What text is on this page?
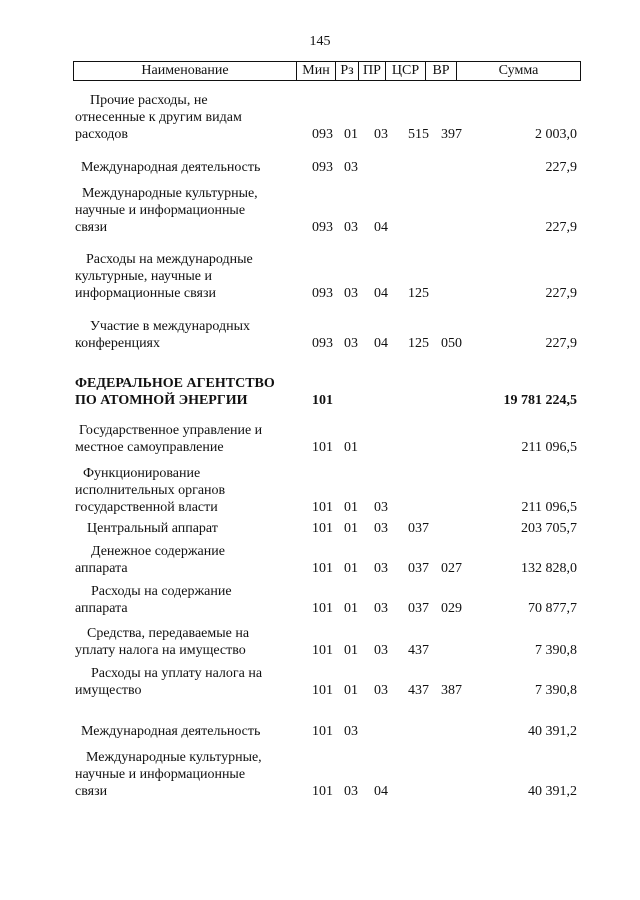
145
Наименование	Мин Рз ПР ЦСР ВР	Сумма
Прочие расходы, не
отнесенные к другим видам
расходов	093 01 03 515 397	2 003,0
Международная деятельность	093 03	227,9
Международные культурные,
научные и информационные
связи	093 03 04	227,9
Расходы на международные
культурные, научные и
информационные связи	093 03 04 125	227,9
Участие в международных
конференциях	093 03 04 125 050	227,9
ФЕДЕРАЛЬНОЕ АГЕНТСТВО
ПО АТОМНОЙ ЭНЕРГИИ	101	19 781 224,5
Государственное управление и
местное самоуправление	101 01	211 096,5
Функционирование
исполнительных органов
государственной власти	101 01 03	211 096,5
Центральный аппарат	101 01 03 037	203 705,7
Денежное содержание
аппарата	101 01 03 037 027	132 828,0
Расходы на содержание
аппарата	101 01 03 037 029	70 877,7
Средства, передаваемые на
уплату налога на имущество	101 01 03 437	7 390,8
Расходы на уплату налога на
имущество	101 01 03 437 387	7 390,8
Международная деятельность	101 03	40 391,2
Международные культурные,
научные и информационные
связи	101 03 04	40 391,2
